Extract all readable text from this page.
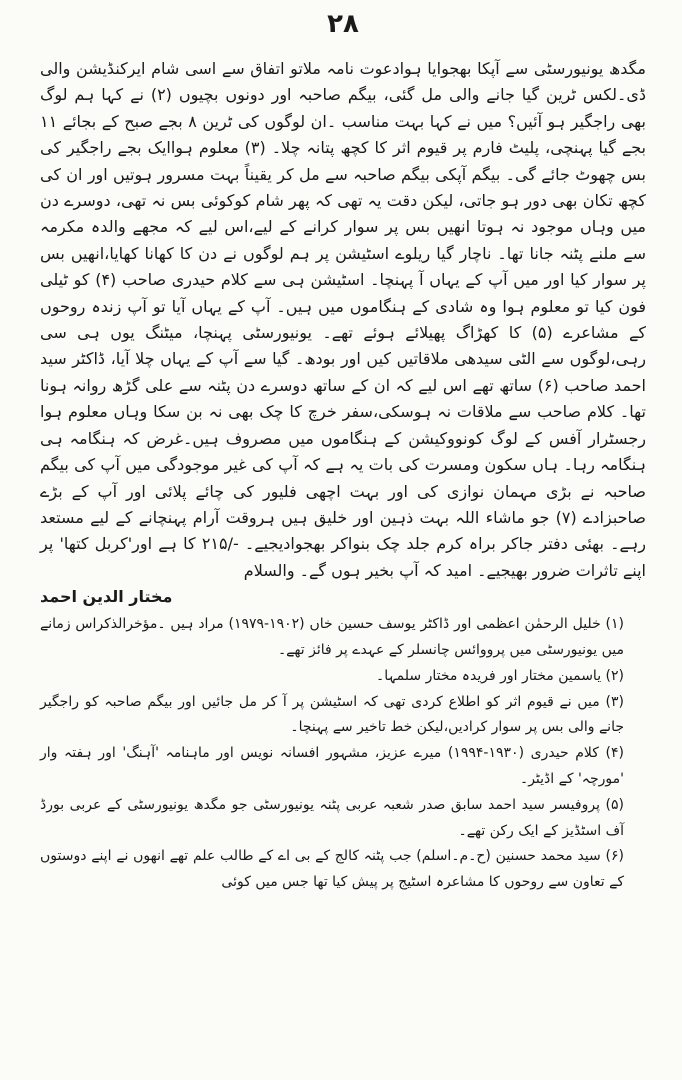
۲۸

مگدھ یونیورسٹی سے آپکا بھجوایا ہوادعوت نامہ ملاتو اتفاق سے اسی شام ایرکنڈیشن والی ڈی۔لکس ٹرین گیا جانے والی مل گئی، بیگم صاحبہ اور دونوں بچیوں (۲) نے کہا ہم لوگ بھی راجگیر ہو آئیں؟ میں نے کہا بہت مناسب ۔ان لوگوں کی ٹرین ۸ بجے صبح کے بجائے ۱۱ بجے گیا پہنچی، پلیٹ فارم پر قیوم اثر کا کچھ پتانہ چلا۔ (۳) معلوم ہواایک بجے راجگیر کی بس چھوٹ جائے گی۔ بیگم آپکی بیگم صاحبہ سے مل کر یقیناً بہت مسرور ہوتیں اور ان کی کچھ تکان بھی دور ہو جاتی، لیکن دقت یہ تھی کہ پھر شام کوکوئی بس نہ تھی، دوسرے دن میں وہاں موجود نہ ہوتا انھیں بس پر سوار کرانے کے لیے،اس لیے کہ مجھے والدہ مکرمہ سے ملنے پٹنہ جانا تھا۔ ناچار گیا ریلوے اسٹیشن پر ہم لوگوں نے دن کا کھانا کھایا،انھیں بس پر سوار کیا اور میں آپ کے یہاں آ پہنچا۔ اسٹیشن ہی سے کلام حیدری صاحب (۴) کو ٹیلی فون کیا تو معلوم ہوا وہ شادی کے ہنگاموں میں ہیں۔ آپ کے یہاں آیا تو آپ زندہ روحوں کے مشاعرے (۵) کا کھڑاگ پھیلائے ہوئے تھے۔ یونیورسٹی پہنچا، میٹنگ یوں ہی سی رہی،لوگوں سے الٹی سیدھی ملاقاتیں کیں اور بودھ۔ گیا سے آپ کے یہاں چلا آیا، ڈاکٹر سید احمد صاحب (۶) ساتھ تھے اس لیے کہ ان کے ساتھ دوسرے دن پٹنہ سے علی گڑھ روانہ ہونا تھا۔ کلام صاحب سے ملاقات نہ ہوسکی،سفر خرچ کا چک بھی نہ بن سکا وہاں معلوم ہوا رجسٹرار آفس کے لوگ کونووکیشن کے ہنگاموں میں مصروف ہیں۔غرض کہ ہنگامہ ہی ہنگامہ رہا۔ ہاں سکون ومسرت کی بات یہ ہے کہ آپ کی غیر موجودگی میں آپ کی بیگم صاحبہ نے بڑی مہمان نوازی کی اور بہت اچھی فلیور کی چائے پلائی اور آپ کے بڑے صاحبزادے (۷) جو ماشاء اللہ بہت ذہین اور خلیق ہیں ہروقت آرام پہنچانے کے لیے مستعد رہے۔ بھئی دفتر جاکر براہ کرم جلد چک بنواکر بھجوادیجیے۔ -/۲۱۵ کا ہے اور'کربل کتھا' پر اپنے تاثرات ضرور بھیجیے۔ امید کہ آپ بخیر ہوں گے۔ والسلام

مختار الدین احمد

(۱) خلیل الرحمٰن اعظمی اور ڈاکٹر یوسف حسین خاں (۱۹۰۲-۱۹۷۹) مراد ہیں ۔مؤخرالذکراس زمانے میں یونیورسٹی میں پرووائس چانسلر کے عہدے پر فائز تھے۔

(۲) یاسمین مختار اور فریدہ مختار سلمہا۔

(۳) میں نے قیوم اثر کو اطلاع کردی تھی کہ اسٹیشن پر آ کر مل جائیں اور بیگم صاحبہ کو راجگیر جانے والی بس پر سوار کرادیں،لیکن خط تاخیر سے پہنچا۔

(۴) کلام حیدری (۱۹۳۰-۱۹۹۴) میرے عزیز، مشہور افسانہ نویس اور ماہنامہ 'آہنگ' اور ہفتہ وار 'مورچہ' کے اڈیٹر۔

(۵) پروفیسر سید احمد سابق صدر شعبہ عربی پٹنہ یونیورسٹی جو مگدھ یونیورسٹی کے عربی بورڈ آف اسٹڈیز کے ایک رکن تھے۔

(۶) سید محمد حسنین (ح۔م۔اسلم) جب پٹنہ کالج کے بی اے کے طالب علم تھے انھوں نے اپنے دوستوں کے تعاون سے روحوں کا مشاعرہ اسٹیج پر پیش کیا تھا جس میں کوئی
